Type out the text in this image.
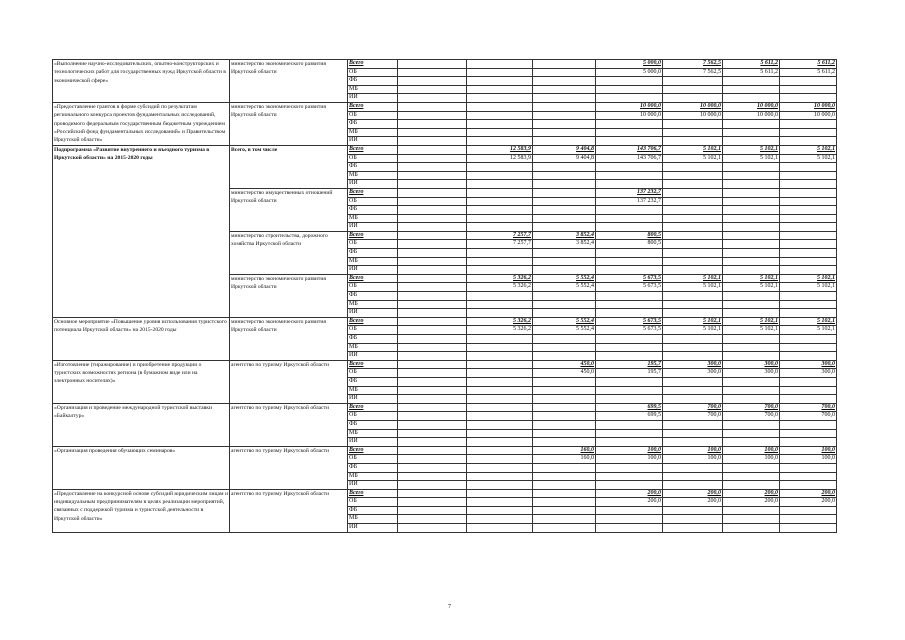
«Выполнение научно-исследовательских, опытно-конструкторских и технологических работ для государственных нужд Иркутской области в экономической сфере»	министерство экономического развития Иркутской области	Всего				5 000,0	7 562,5	5 611,2	5 611,2
		ОБ				5 000,0	7 562,5	5 611,2	5 611,2
		ФБ							
		МБ							
		ИИ							
«Предоставление грантов в форме субсидий по результатам регионального конкурса проектов фундаментальных исследований, проводимого федеральным государственным бюджетным учреждением «Российский фонд фундаментальных исследований» и Правительством Иркутской области»	министерство экономического развития Иркутской области	Всего				10 000,0	10 000,0	10 000,0	10 000,0
		ОБ				10 000,0	10 000,0	10 000,0	10 000,0
		ФБ							
		МБ							
		ИИ							
Подпрограмма «Развитие внутреннего и въездного туризма в Иркутской области» на 2015-2020 годы	Всего, в том числе	Всего		12 583,9	9 404,8	143 706,7	5 102,1	5 102,1	5 102,1
		ОБ		12 583,9	9 404,8	143 706,7	5 102,1	5 102,1	5 102,1
		ФБ							
		МБ							
		ИИ							
	министерство имущественных отношений Иркутской области	Всего				137 232,7			
		ОБ				137 232,7			
		ФБ							
		МБ							
		ИИ							
	министерство строительства, дорожного хозяйства Иркутской области	Всего		7 257,7	3 852,4	800,5			
		ОБ		7 257,7	3 852,4	800,5			
		ФБ							
		МБ							
		ИИ							
	министерство экономического развития Иркутской области	Всего		5 326,2	5 552,4	5 673,5	5 102,1	5 102,1	5 102,1
		ОБ		5 326,2	5 552,4	5 673,5	5 102,1	5 102,1	5 102,1
		ФБ							
		МБ							
		ИИ							
Основное мероприятие «Повышение уровня использования туристского потенциала Иркутской области» на 2015-2020 годы	министерство экономического развития Иркутской области	Всего		5 326,2	5 552,4	5 673,5	5 102,1	5 102,1	5 102,1
		ОБ		5 326,2	5 552,4	5 673,5	5 102,1	5 102,1	5 102,1
		ФБ							
		МБ							
		ИИ							
«Изготовление (тиражирование) и приобретение продукции о туристских возможностях региона (в бумажном виде или на электронных носителях)»	агентство по туризму Иркутской области	Всего			450,0	195,7	300,0	300,0	300,0
		ОБ			450,0	195,7	300,0	300,0	300,0
		ФБ							
		МБ							
		ИИ							
«Организация и проведение международной туристской выставки «Байкалтур»	агентство по туризму Иркутской области	Всего				699,5	700,0	700,0	700,0
		ОБ				699,5	700,0	700,0	700,0
		ФБ							
		МБ							
		ИИ							
«Организация проведения обучающих семинаров»	агентство по туризму Иркутской области	Всего			160,0	100,0	100,0	100,0	100,0
		ОБ			160,0	100,0	100,0	100,0	100,0
		ФБ							
		МБ							
		ИИ							
«Предоставление на конкурсной основе субсидий юридическим лицам и индивидуальным предпринимателям в целях реализации мероприятий, связанных с поддержкой туризма и туристской деятельности в Иркутской области»	агентство по туризму Иркутской области	Всего				200,0	200,0	200,0	200,0
		ОБ				200,0	200,0	200,0	200,0
		ФБ							
		МБ							
		ИИ							
7
